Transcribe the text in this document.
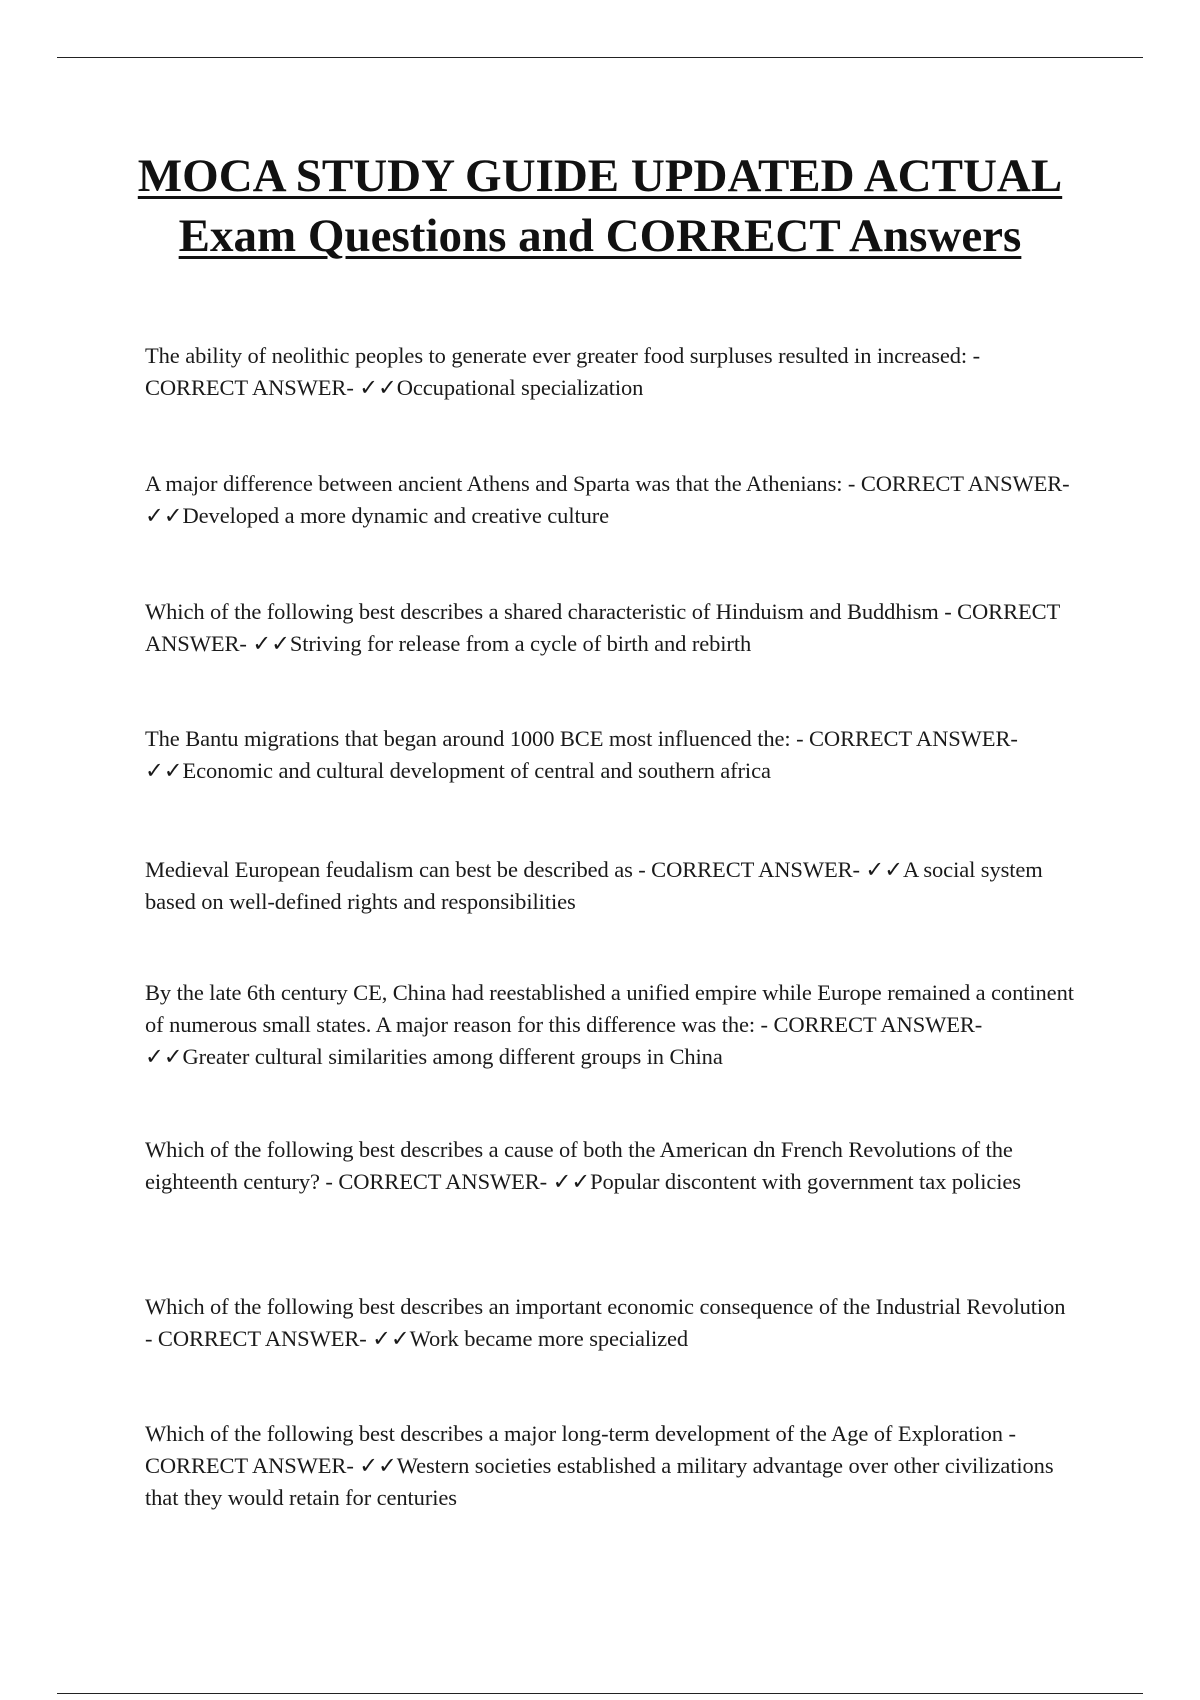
MOCA STUDY GUIDE UPDATED ACTUAL Exam Questions and CORRECT Answers

The ability of neolithic peoples to generate ever greater food surpluses resulted in increased: - CORRECT ANSWER- ✓✓Occupational specialization

A major difference between ancient Athens and Sparta was that the Athenians: - CORRECT ANSWER- ✓✓Developed a more dynamic and creative culture

Which of the following best describes a shared characteristic of Hinduism and Buddhism - CORRECT ANSWER- ✓✓Striving for release from a cycle of birth and rebirth

The Bantu migrations that began around 1000 BCE most influenced the: - CORRECT ANSWER- ✓✓Economic and cultural development of central and southern africa

Medieval European feudalism can best be described as - CORRECT ANSWER- ✓✓A social system based on well-defined rights and responsibilities

By the late 6th century CE, China had reestablished a unified empire while Europe remained a continent of numerous small states. A major reason for this difference was the: - CORRECT ANSWER- ✓✓Greater cultural similarities among different groups in China

Which of the following best describes a cause of both the American dn French Revolutions of the eighteenth century? - CORRECT ANSWER- ✓✓Popular discontent with government tax policies

Which of the following best describes an important economic consequence of the Industrial Revolution - CORRECT ANSWER- ✓✓Work became more specialized

Which of the following best describes a major long-term development of the Age of Exploration - CORRECT ANSWER- ✓✓Western societies established a military advantage over other civilizations that they would retain for centuries
